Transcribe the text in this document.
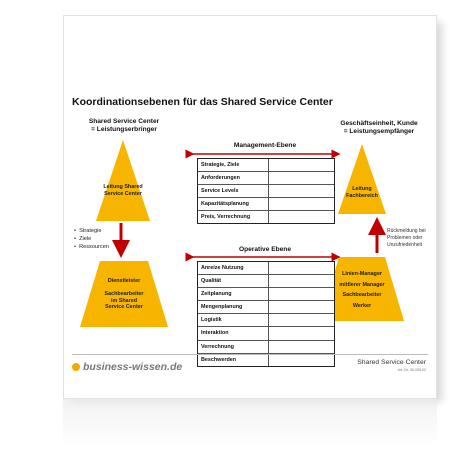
Koordinationsebenen für das Shared Service Center
Shared Service Center
= Leistungserbringer
Geschäftseinheit, Kunde
= Leistungsempfänger
Management-Ebene
Strategie, Ziele
Anforderungen
Service Levels
Kapazitätsplanung
Preis, Verrechnung
Operative Ebene
Anreize Nutzung
Qualität
Zeitplanung
Mengenplanung
Logistik
Interaktion
Verrechnung
Beschwerden
Leitung Shared
Service Center
Dienstleister
Sachbearbeiter
im Shared
Service Center
Leitung
Fachbereich
Linien-Manager
mittlerer Manager
Sachbearbeiter
Werker
•  Strategie
•  Ziele
•  Ressourcen
Rückmeldung bei
Problemen oder
Unzufriedenheit
business-wissen.de	Shared Service Center
Art.-Nr. 36.095.02
